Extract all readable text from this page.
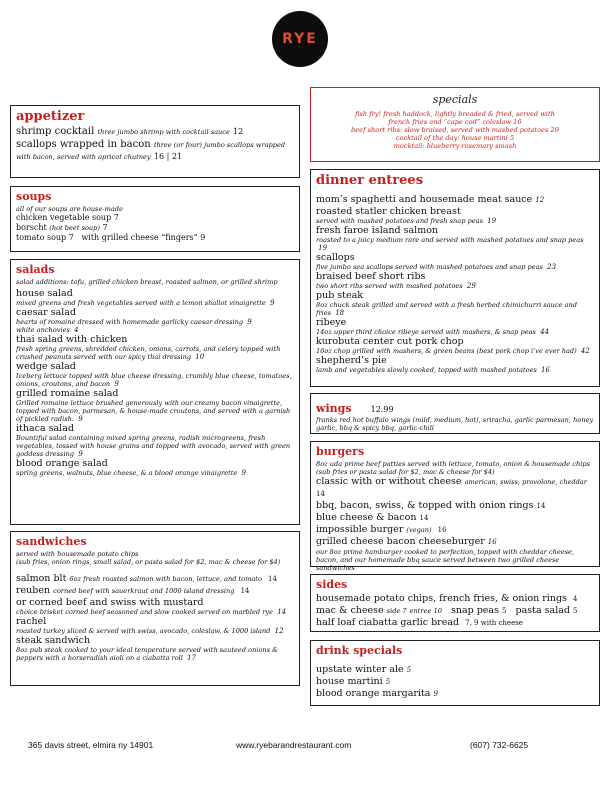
RYE
appetizer

shrimp cocktail three jumbo shrimp with cocktail sauce 12

scallops wrapped in bacon three (or four) jumbo scallops wrapped with bacon, served with apricot chutney 16 | 21

soups

all of our soups are house-made

chicken vegetable soup 7

borscht (hot beet soup) 7

tomato soup 7 with grilled cheese “fingers” 9

salads

salad additions: tofu, grilled chicken breast, roasted salmon, or grilled shrimp

house salad

mixed greens and fresh vegetables served with a lemon shallot vinaigrette 9

caesar salad

hearts of romaine dressed with homemade garlicky caesar dressing 9

white anchovies 4

thai salad with chicken

fresh spring greens, shredded chicken, onions, carrots, and celery topped with crushed peanuts served with our spicy thai dressing 10

wedge salad

Iceberg lettuce topped with blue cheese dressing, crumbly blue cheese, tomatoes, onions, croutons, and bacon 9

grilled romaine salad

Grilled romaine lettuce brushed generously with our creamy bacon vinaigrette, topped with bacon, parmesan, & house-made croutons, and served with a garnish of pickled radish. 9

ithaca salad

Bountiful salad containing mixed spring greens, radish microgreens, fresh vegetables, tossed with house grains and topped with avocado, served with green goddess dressing 9

blood orange salad

spring greens, walnuts, blue cheese, & a blood orange vinaigrette 9

sandwiches

served with housemade potato chips

(sub fries, onion rings, small salad, or pasta salad for $2, mac & cheese for $4)

salmon blt 6oz fresh roasted salmon with bacon, lettuce, and tomato 14

reuben corned beef with sauerkraut and 1000 island dressing 14

or corned beef and swiss with mustard

choice brisket corned beef seasoned and slow cooked served on marbled rye 14

rachel

roasted turkey sliced & served with swiss, avocado, coleslaw, & 1000 island 12

steak sandwich

8oz pub steak cooked to your ideal temperature served with sauteed onions & peppers with a horseradish aioli on a ciabatta roll 17

specials

fish fry! fresh haddock, lightly breaded & fried, served with

french fries and “cape cod” coleslaw 16

beef short ribs: slow braised, served with mashed potatoes 29

cocktail of the day: house martini 5

mocktail: blueberry-rosemary smash

dinner entrees

mom’s spaghetti and housemade meat sauce 12

roasted statler chicken breast

served with mashed potatoes and fresh snap peas 19

fresh faroe island salmon

roasted to a juicy medium rare and served with mashed potatoes and snap peas  19

scallops

five jumbo sea scallops served with mashed potatoes and snap peas 23

braised beef short ribs

two short ribs served with mashed potatoes 29

pub steak

8oz chuck steak grilled and served with a fresh herbed chimichurri sauce and fries 18

ribeye

14oz upper third choice ribeye served with mashers, & snap peas 44

kurobuta center cut pork chop

16oz chop grilled with mashers, & green beans (best pork chop i’ve ever had) 42

shepherd’s pie

lamb and vegetables slowly cooked, topped with mashed potatoes 16

wings 12.99

franks red hot buffalo wings (mild, medium, hot), sriracha, garlic parmesan, honey garlic, bbq & spicy bbq, garlic-chili

burgers

8oz uda prime beef patties served with lettuce, tomato, onion & housemade chips

(sub fries or pasta salad for $2, mac & cheese for $4)

classic with or without cheese american, swiss, provolone, cheddar 14

bbq, bacon, swiss, & topped with onion rings 14

blue cheese & bacon 14

impossible burger (vegan) 16

grilled cheese bacon cheeseburger 16

our 8oz prime hamburger cooked to perfection, topped with cheddar cheese, bacon, and our homemade bbq sauce served between two grilled cheese sandwiches

sides

housemade potato chips, french fries, & onion rings 4

mac & cheese side 7 entree 10 snap peas 5 pasta salad 5

half loaf ciabatta garlic bread 7, 9 with cheese

drink specials

upstate winter ale 5

house martini 5

blood orange margarita 9

365 davis street, elmira ny 14901	www.ryebarandrestaurant.com	(607) 732-6625
